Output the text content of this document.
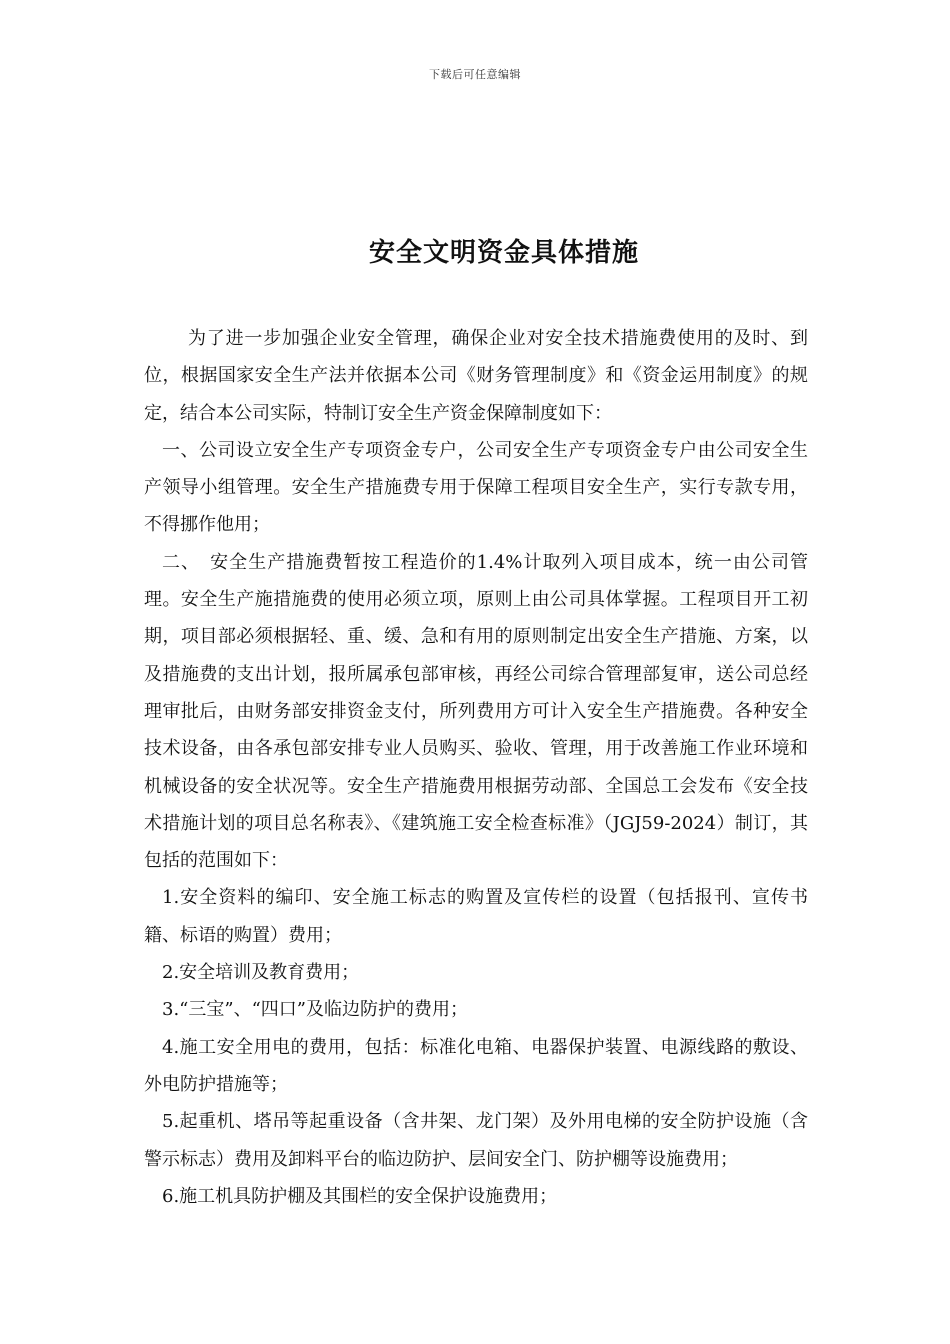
下载后可任意编辑
安全文明资金具体措施

为了进一步加强企业安全管理，确保企业对安全技术措施费使用的及时、到位，根据国家安全生产法并依据本公司《财务管理制度》和《资金运用制度》的规定，结合本公司实际，特制订安全生产资金保障制度如下：

一、公司设立安全生产专项资金专户，公司安全生产专项资金专户由公司安全生产领导小组管理。安全生产措施费专用于保障工程项目安全生产，实行专款专用，不得挪作他用；

二、　安全生产措施费暂按工程造价的1.4%计取列入项目成本，统一由公司管理。安全生产施措施费的使用必须立项，原则上由公司具体掌握。工程项目开工初期，项目部必须根据轻、重、缓、急和有用的原则制定出安全生产措施、方案，以及措施费的支出计划，报所属承包部审核，再经公司综合管理部复审，送公司总经理审批后，由财务部安排资金支付，所列费用方可计入安全生产措施费。各种安全技术设备，由各承包部安排专业人员购买、验收、管理，用于改善施工作业环境和机械设备的安全状况等。安全生产措施费用根据劳动部、全国总工会发布《安全技术措施计划的项目总名称表》、《建筑施工安全检查标准》（JGJ59-2024）制订，其包括的范围如下：

1.安全资料的编印、安全施工标志的购置及宣传栏的设置（包括报刊、宣传书籍、标语的购置）费用；

2.安全培训及教育费用；

3.“三宝”、“四口”及临边防护的费用；

4.施工安全用电的费用，包括：标准化电箱、电器保护装置、电源线路的敷设、外电防护措施等；

5.起重机、塔吊等起重设备（含井架、龙门架）及外用电梯的安全防护设施（含警示标志）费用及卸料平台的临边防护、层间安全门、防护棚等设施费用；

6.施工机具防护棚及其围栏的安全保护设施费用；
